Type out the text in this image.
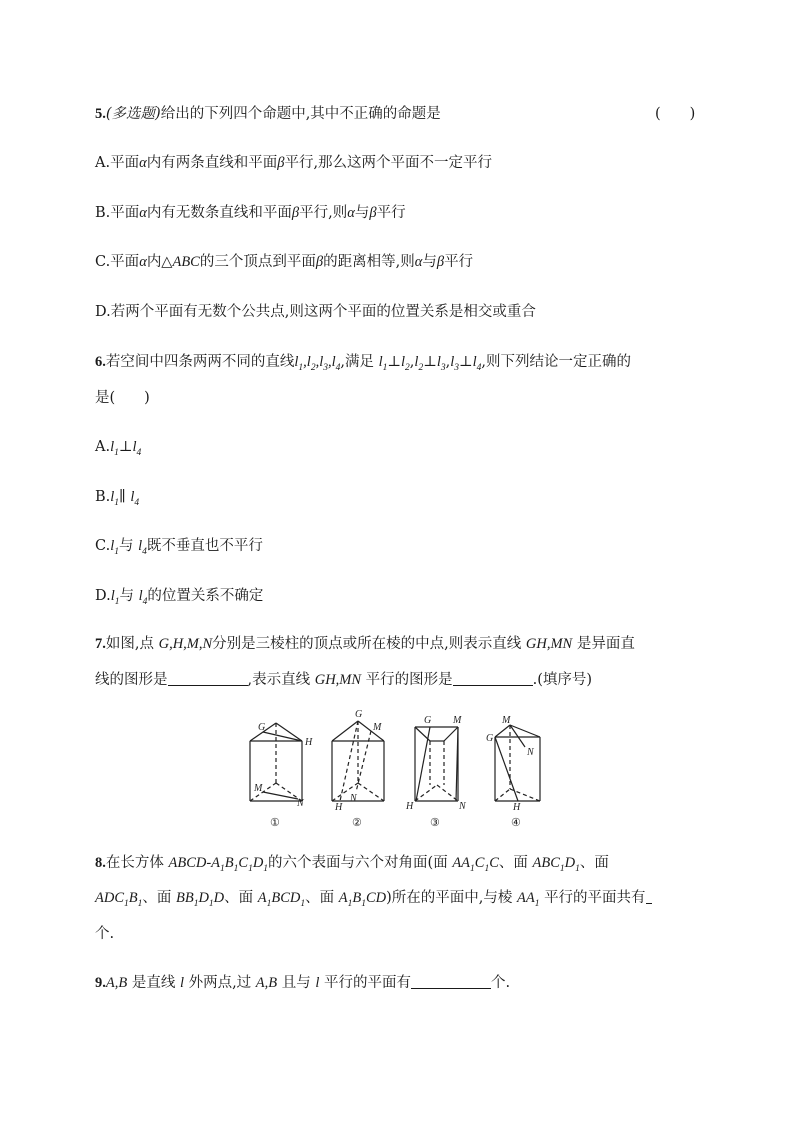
5.(多选题)给出的下列四个命题中,其中不正确的命题是	(　　)
A.平面α内有两条直线和平面β平行,那么这两个平面不一定平行
B.平面α内有无数条直线和平面β平行,则α与β平行
C.平面α内△ABC的三个顶点到平面β的距离相等,则α与β平行
D.若两个平面有无数个公共点,则这两个平面的位置关系是相交或重合
6.若空间中四条两两不同的直线$l_1,l_2,l_3,l_4$,满足 $l_1\perp l_2,l_2\perp l_3,l_3\perp l_4$,则下列结论一定正确的
是(　　)
$A.l_1\perp l_4$
$B.l_1\parallel$ $l_4$
$C.l_1$与 $l_4$既不垂直也不平行
$D.l_1$与 $l_4$的位置关系不确定
7.如图,点 G,H,M,N分别是三棱柱的顶点或所在棱的中点,则表示直线 GH,MN 是异面直
线的图形是	,表示直线 GH,MN 平行的图形是	.(填序号)
G
H
M
N
①
G
H
M
N
②
G
H
M
N
③
G
H
M
N
④
8.在长方体 ABCD-$A_1B_1C_1D_1$的六个表面与六个对角面(面 $AA_1C_1C$、面 $ABC_1D_1$、面
$ADC_1B_1$、面 $BB_1D_1D$、面 $A_1BCD_1$、面 $A_1B_1CD$)所在的平面中,与棱 $AA_1$ 平行的平面共有
个.
9.A,B 是直线 l 外两点,过 A,B 且与 l 平行的平面有	个.
